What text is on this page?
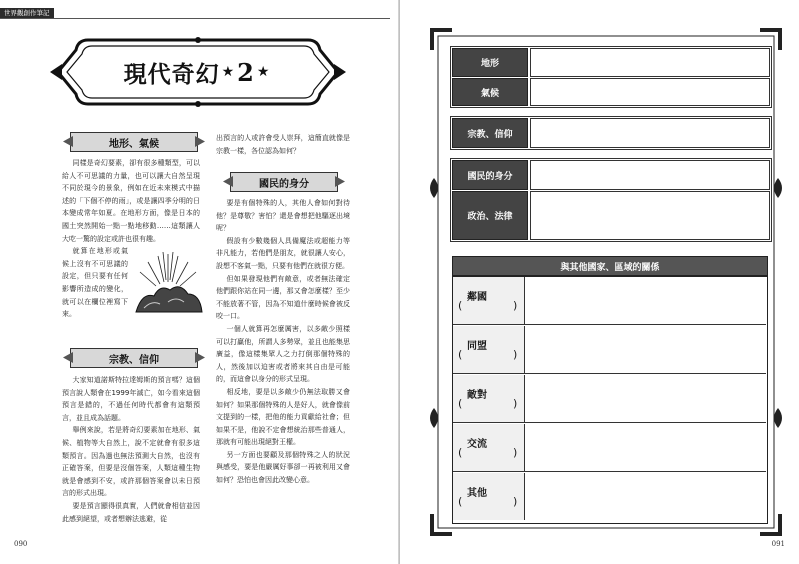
世界觀創作筆記
現代奇幻 ★ 2 ★
地形、氣候

同樣是奇幻要素，卻有很多種類型，可以給人不可思議的力量，也可以讓大自然呈現不同於現今的景象，例如在近未來模式中描述的「下個不停的雨」，或是讓四季分明的日本變成常年如夏。在地形方面，像是日本的國土突然開始一點一點地移動……這類讓人大吃一驚的設定或許也很有趣。

就算在地形或氣候上沒有不可思議的設定，但只要有任何影響所造成的變化，就可以在欄位裡寫下來。

宗教、信仰

大家知道諾斯特拉達姆斯的預言嗎？這個預言說人類會在1999年滅亡，如今看來這個預言是錯的，不過任何時代都會有這類預言，並且成為話題。

舉例來說，若是將奇幻要素加在地形、氣候、植物等大自然上，說不定就會有很多這類預言。因為過也無法預測大自然，也沒有正確答案，但要是沒個答案，人類這種生物就是會感到不安，或許那個答案會以未日預言的形式出現。

要是預言顯得很真實，人們就會相信並因此感到絕望，或者想辦法逃避，從

出預言的人或許會受人崇拜，這簡直就像是宗教一樣，各位認為如何？

國民的身分

要是有個特殊的人，其他人會如何對待他？是尊敬？害怕？還是會想把他驅逐出境呢？

假設有少數幾個人具備魔法或超能力等非凡能力，若他們是朋友，就很讓人安心，設想不客氣一點，只要有他們在就很方便。

但如果發現他們有敵意，或者無法確定他們跟你站在同一邊，那又會怎麼樣？至少不能放著不管，因為不知道什麼時候會被反咬一口。

一個人就算再怎麼厲害，以多敵少照樣可以打贏他，所謂人多勢眾，並且也能集思廣益，像這樣集眾人之力打倒那個特殊的人，然後加以迫害或者將來其自由是可能的，而這會以身分的形式呈現。

相反地，要是以多敵少仍無法取勝又會如何？如果那個特殊的人是好人，就會像前文提到的一樣，把他的能力貢獻給社會；但如果不是，他說不定會想統治那些普通人，那就有可能出現絕對王權。

另一方面也要顧及那個特殊之人的狀況與感受，要是他嚴厲好事卻一再被利用又會如何？恐怕也會因此改變心意。

090
地形
氣候
宗教、信仰
國民的身分
政治、法律
與其他國家、區域的關係
鄰國
(	)
同盟
(	)
敵對
(	)
交流
(	)
其他
(	)
091
